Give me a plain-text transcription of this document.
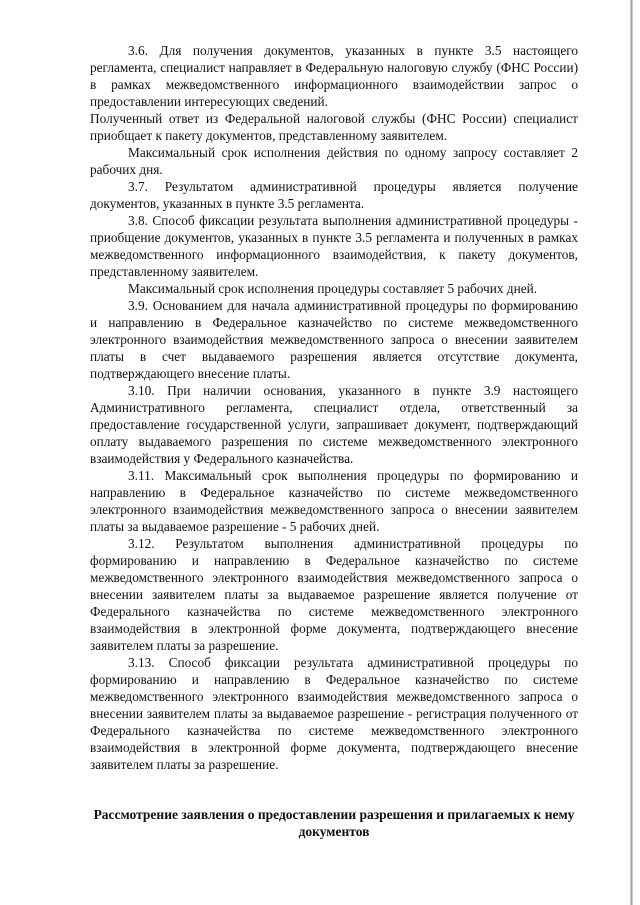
3.6. Для получения документов, указанных в пункте 3.5 настоящего регламента, специалист направляет в Федеральную налоговую службу (ФНС России) в рамках межведомственного информационного взаимодействии запрос о предоставлении интересующих сведений.

Полученный ответ из Федеральной налоговой службы (ФНС России) специалист приобщает к пакету документов, представленному заявителем.

Максимальный срок исполнения действия по одному запросу составляет 2 рабочих дня.

3.7. Результатом административной процедуры является получение документов, указанных в пункте 3.5 регламента.

3.8. Способ фиксации результата выполнения административной процедуры - приобщение документов, указанных в пункте 3.5 регламента и полученных в рамках межведомственного информационного взаимодействия, к пакету документов, представленному заявителем.

Максимальный срок исполнения процедуры составляет 5 рабочих дней.

3.9. Основанием для начала административной процедуры по формированию и направлению в Федеральное казначейство по системе межведомственного электронного взаимодействия межведомственного запроса о внесении заявителем платы в счет выдаваемого разрешения является отсутствие документа, подтверждающего внесение платы.

3.10. При наличии основания, указанного в пункте 3.9 настоящего Административного регламента, специалист отдела, ответственный за предоставление государственной услуги, запрашивает документ, подтверждающий оплату выдаваемого разрешения по системе межведомственного электронного взаимодействия у Федерального казначейства.

3.11. Максимальный срок выполнения процедуры по формированию и направлению в Федеральное казначейство по системе межведомственного электронного взаимодействия межведомственного запроса о внесении заявителем платы за выдаваемое разрешение - 5 рабочих дней.

3.12. Результатом выполнения административной процедуры по формированию и направлению в Федеральное казначейство по системе межведомственного электронного взаимодействия межведомственного запроса о внесении заявителем платы за выдаваемое разрешение является получение от Федерального казначейства по системе межведомственного электронного взаимодействия в электронной форме документа, подтверждающего внесение заявителем платы за разрешение.

3.13. Способ фиксации результата административной процедуры по формированию и направлению в Федеральное казначейство по системе межведомственного электронного взаимодействия межведомственного запроса о внесении заявителем платы за выдаваемое разрешение - регистрация полученного от Федерального казначейства по системе межведомственного электронного взаимодействия в электронной форме документа, подтверждающего внесение заявителем платы за разрешение.

Рассмотрение заявления о предоставлении разрешения и прилагаемых к нему документов
